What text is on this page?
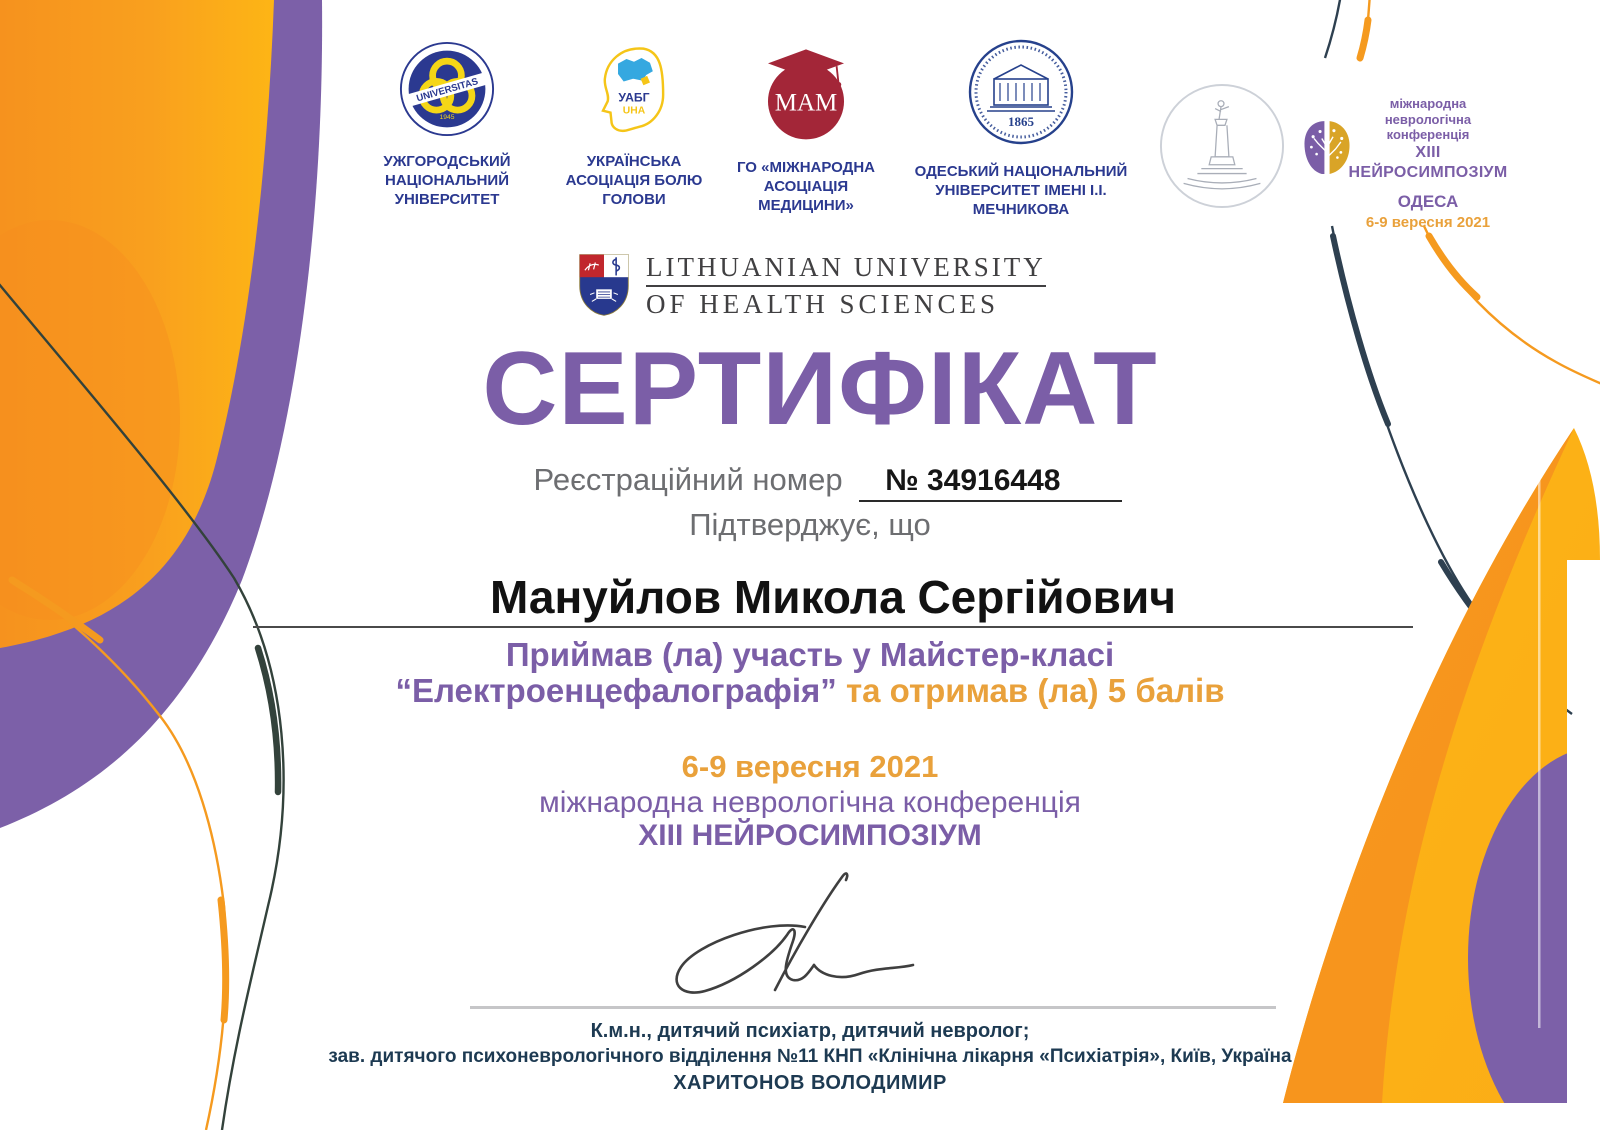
UNIVERSITAS
1945
УЖГОРОДСЬКИЙ НАЦІОНАЛЬНИЙ УНІВЕРСИТЕТ
УАБГ
UHA
УКРАЇНСЬКА АСОЦІАЦІЯ БОЛЮ ГОЛОВИ
МАМ
ГО «МІЖНАРОДНА АСОЦІАЦІЯ МЕДИЦИНИ»
1865
ОДЕСЬКИЙ НАЦІОНАЛЬНИЙ УНІВЕРСИТЕТ ІМЕНІ І.І. МЕЧНИКОВА
міжнародна неврологічна
конференція
XIII НЕЙРОСИМПОЗІУМ
ОДЕСА
6-9 вересня 2021
LITHUANIAN UNIVERSITY
OF HEALTH SCIENCES
СЕРТИФІКАТ
Реєстраційний номер № 34916448
Підтверджує, що
Мануйлов Микола Сергійович
Приймав (ла) участь у Майстер-класі
“Електроенцефалографія” та отримав (ла) 5 балів
6-9 вересня 2021
міжнародна неврологічна конференція
XIII НЕЙРОСИМПОЗІУМ
К.м.н., дитячий психіатр, дитячий невролог;
зав. дитячого психоневрологічного відділення №11 КНП «Клінічна лікарня «Психіатрія», Київ, Україна
ХАРИТОНОВ ВОЛОДИМИР
